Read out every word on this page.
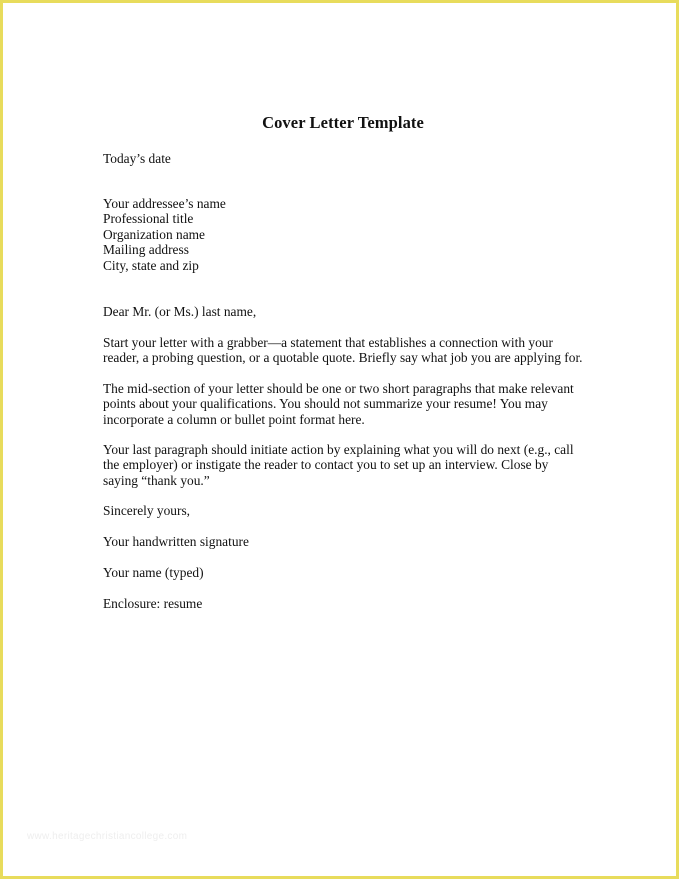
Cover Letter Template
Today’s date
Your addressee’s name
Professional title
Organization name
Mailing address
City, state and zip
Dear Mr. (or Ms.) last name,
Start your letter with a grabber—a statement that establishes a connection with your
reader, a probing question, or a quotable quote. Briefly say what job you are applying for.
The mid-section of your letter should be one or two short paragraphs that make relevant
points about your qualifications. You should not summarize your resume! You may
incorporate a column or bullet point format here.
Your last paragraph should initiate action by explaining what you will do next (e.g., call
the employer) or instigate the reader to contact you to set up an interview. Close by
saying “thank you.”
Sincerely yours,
Your handwritten signature
Your name (typed)
Enclosure: resume
www.heritagechristiancollege.com
